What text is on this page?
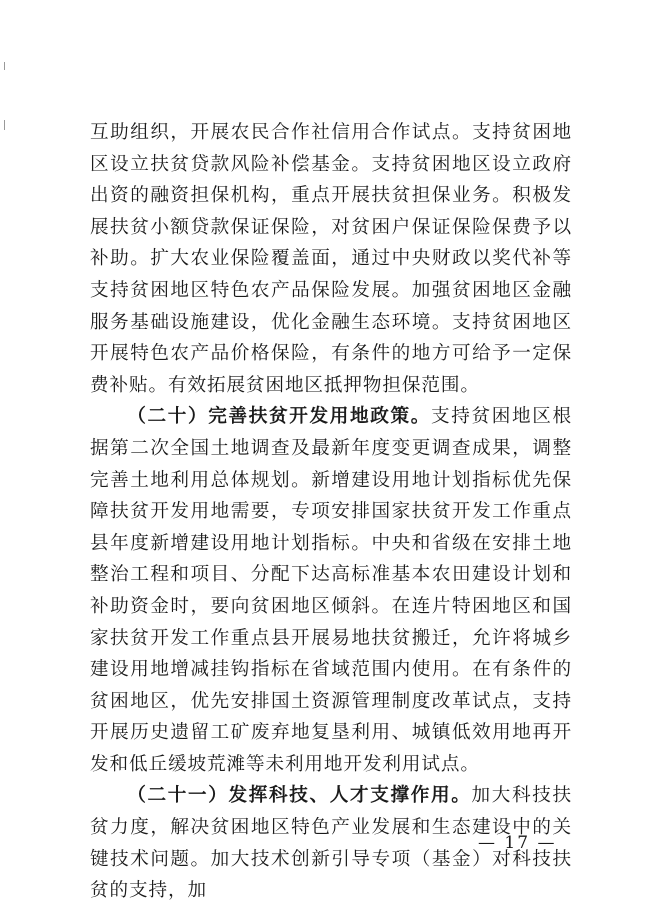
互助组织，开展农民合作社信用合作试点。支持贫困地区设立扶贫贷款风险补偿基金。支持贫困地区设立政府出资的融资担保机构，重点开展扶贫担保业务。积极发展扶贫小额贷款保证保险，对贫困户保证保险保费予以补助。扩大农业保险覆盖面，通过中央财政以奖代补等支持贫困地区特色农产品保险发展。加强贫困地区金融服务基础设施建设，优化金融生态环境。支持贫困地区开展特色农产品价格保险，有条件的地方可给予一定保费补贴。有效拓展贫困地区抵押物担保范围。

（二十）完善扶贫开发用地政策。支持贫困地区根据第二次全国土地调查及最新年度变更调查成果，调整完善土地利用总体规划。新增建设用地计划指标优先保障扶贫开发用地需要，专项安排国家扶贫开发工作重点县年度新增建设用地计划指标。中央和省级在安排土地整治工程和项目、分配下达高标准基本农田建设计划和补助资金时，要向贫困地区倾斜。在连片特困地区和国家扶贫开发工作重点县开展易地扶贫搬迁，允许将城乡建设用地增减挂钩指标在省域范围内使用。在有条件的贫困地区，优先安排国土资源管理制度改革试点，支持开展历史遗留工矿废弃地复垦利用、城镇低效用地再开发和低丘缓坡荒滩等未利用地开发利用试点。

（二十一）发挥科技、人才支撑作用。加大科技扶贫力度，解决贫困地区特色产业发展和生态建设中的关键技术问题。加大技术创新引导专项（基金）对科技扶贫的支持，加

— 17 —
